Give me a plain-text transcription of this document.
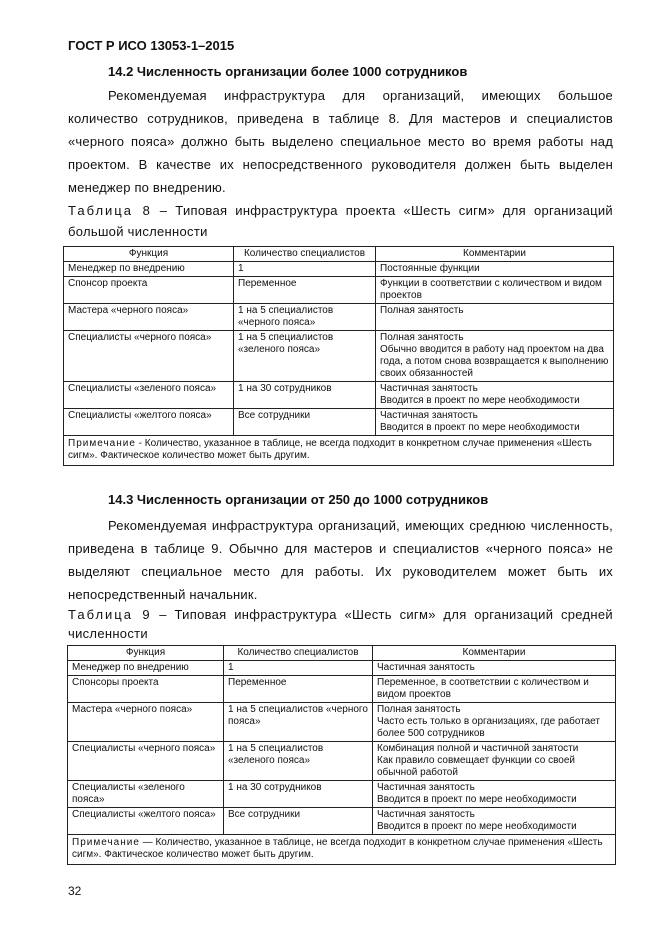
ГОСТ Р ИСО 13053-1–2015
14.2 Численность организации более 1000 сотрудников
Рекомендуемая инфраструктура для организаций, имеющих большое количество сотрудников, приведена в таблице 8. Для мастеров и специалистов «черного пояса» должно быть выделено специальное место во время работы над проектом. В качестве их непосредственного руководителя должен быть выделен менеджер по внедрению.
Таблица 8 – Типовая инфраструктура проекта «Шесть сигм» для организаций большой численности
Функция	Количество специалистов	Комментарии
Менеджер по внедрению	1	Постоянные функции
Спонсор проекта	Переменное	Функции в соответствии с количеством и видом проектов
Мастера «черного пояса»	1 на 5 специалистов «черного пояса»	Полная занятость
Специалисты «черного пояса»	1 на 5 специалистов «зеленого пояса»	Полная занятость
Обычно вводится в работу над проектом на два года, а потом снова возвращается к выполнению своих обязанностей
Специалисты «зеленого пояса»	1 на 30 сотрудников	Частичная занятость
Вводится в проект по мере необходимости
Специалисты «желтого пояса»	Все сотрудники	Частичная занятость
Вводится в проект по мере необходимости
Примечание - Количество, указанное в таблице, не всегда подходит в конкретном случае применения «Шесть сигм». Фактическое количество может быть другим.		
14.3 Численность организации от 250 до 1000 сотрудников
Рекомендуемая инфраструктура организаций, имеющих среднюю численность, приведена в таблице 9. Обычно для мастеров и специалистов «черного пояса» не выделяют специальное место для работы. Их руководителем может быть их непосредственный начальник.
Таблица 9 – Типовая инфраструктура «Шесть сигм» для организаций средней численности
Функция	Количество специалистов	Комментарии
Менеджер по внедрению	1	Частичная занятость
Спонсоры проекта	Переменное	Переменное, в соответствии с количеством и видом проектов
Мастера «черного пояса»	1 на 5 специалистов «черного пояса»	Полная занятость
Часто есть только в организациях, где работает более 500 сотрудников
Специалисты «черного пояса»	1 на 5 специалистов «зеленого пояса»	Комбинация полной и частичной занятости
Как правило совмещает функции со своей обычной работой
Специалисты «зеленого пояса»	1 на 30 сотрудников	Частичная занятость
Вводится в проект по мере необходимости
Специалисты «желтого пояса»	Все сотрудники	Частичная занятость
Вводится в проект по мере необходимости
Примечание — Количество, указанное в таблице, не всегда подходит в конкретном случае применения «Шесть сигм». Фактическое количество может быть другим.		
32
